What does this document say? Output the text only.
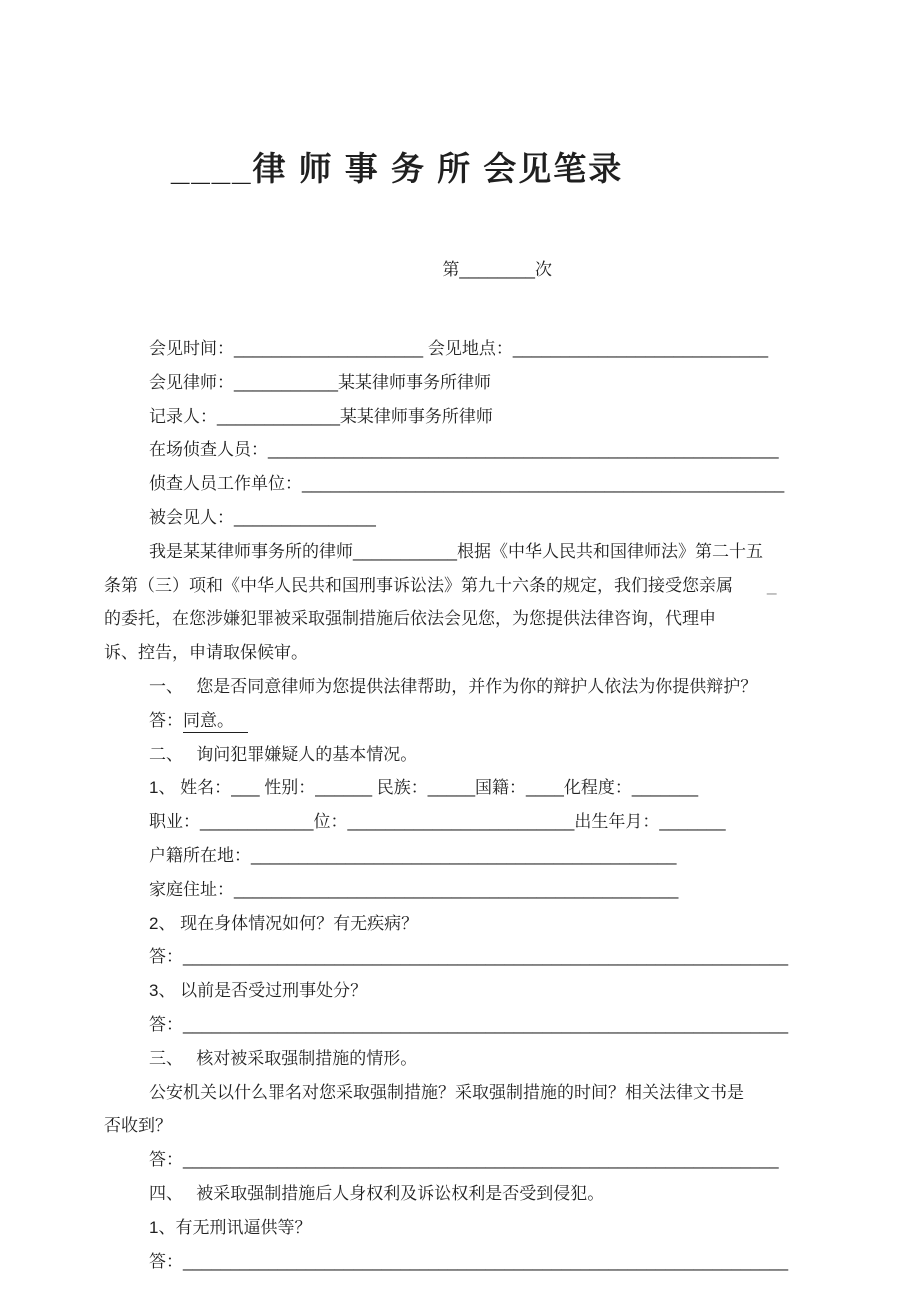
____律 师 事 务 所 会见笔录

第________次

会见时间：____________________ 会见地点：___________________________
会见律师：___________某某律师事务所律师
记录人：_____________某某律师事务所律师
在场侦查人员：______________________________________________________
侦查人员工作单位：___________________________________________________
被会见人：_______________
我是某某律师事务所的律师___________根据《中华人民共和国律师法》第二十五
条第（三）项和《中华人民共和国刑事诉讼法》第九十六条的规定，我们接受您亲属　　_
的委托，在您涉嫌犯罪被采取强制措施后依法会见您，为您提供法律咨询，代理申
诉、控告，申请取保候审。
一、　 您是否同意律师为您提供法律帮助，并作为你的辩护人依法为你提供辩护？
答：同意。
二、　 询问犯罪嫌疑人的基本情况。
1、 姓名：___ 性别：______ 民族：_____国籍：____化程度：_______
职业：____________位：________________________出生年月：_______
户籍所在地：_____________________________________________
家庭住址：_______________________________________________
2、 现在身体情况如何？有无疾病？
答：________________________________________________________________
3、 以前是否受过刑事处分？
答：________________________________________________________________
三、　 核对被采取强制措施的情形。
公安机关以什么罪名对您采取强制措施？采取强制措施的时间？相关法律文书是
否收到？
答：_______________________________________________________________
四、　 被采取强制措施后人身权利及诉讼权利是否受到侵犯。
1、有无刑讯逼供等？
答：________________________________________________________________
